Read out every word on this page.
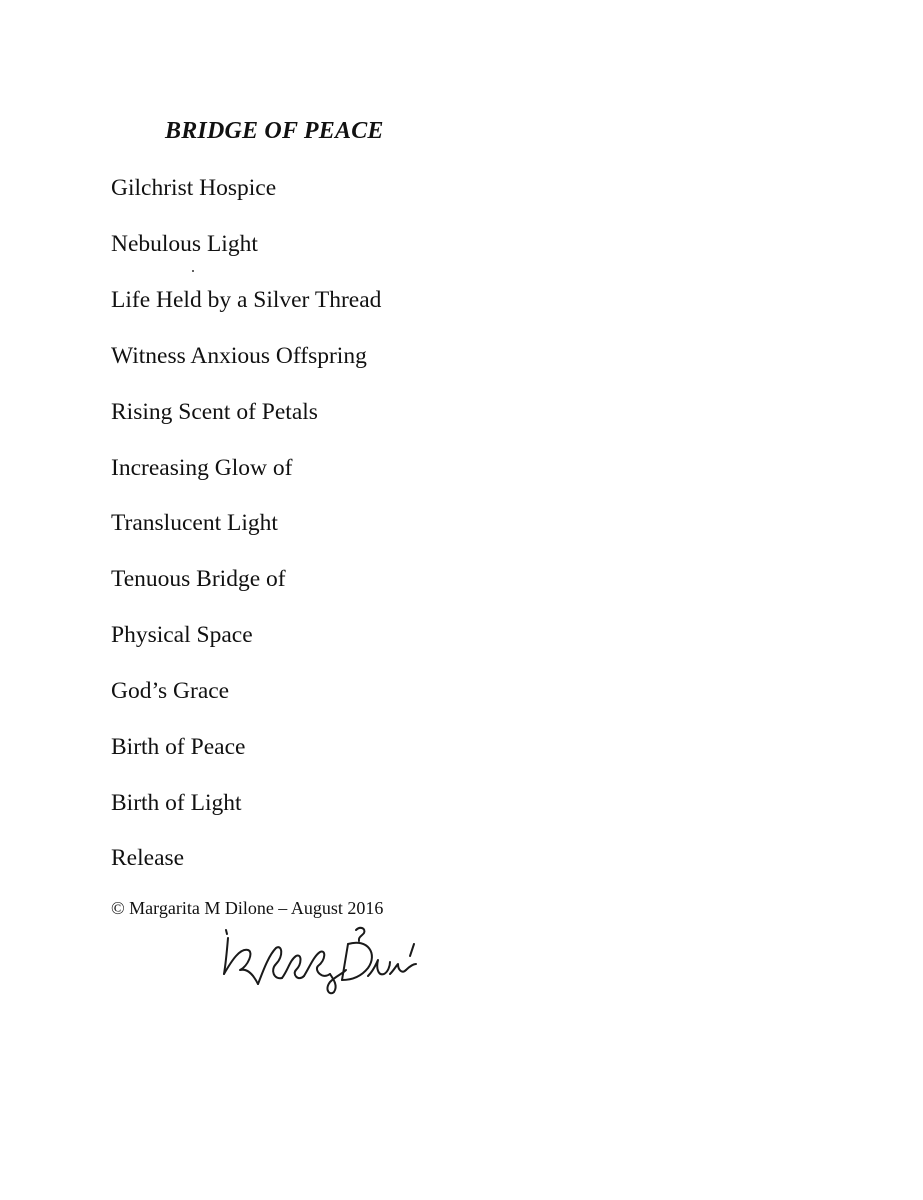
BRIDGE OF PEACE
Gilchrist Hospice
Nebulous Light
Life Held by a Silver Thread
Witness Anxious Offspring
Rising Scent of Petals
Increasing Glow of
Translucent Light
Tenuous Bridge of
Physical Space
God’s Grace
Birth of Peace
Birth of Light
Release
© Margarita M Dilone – August 2016
